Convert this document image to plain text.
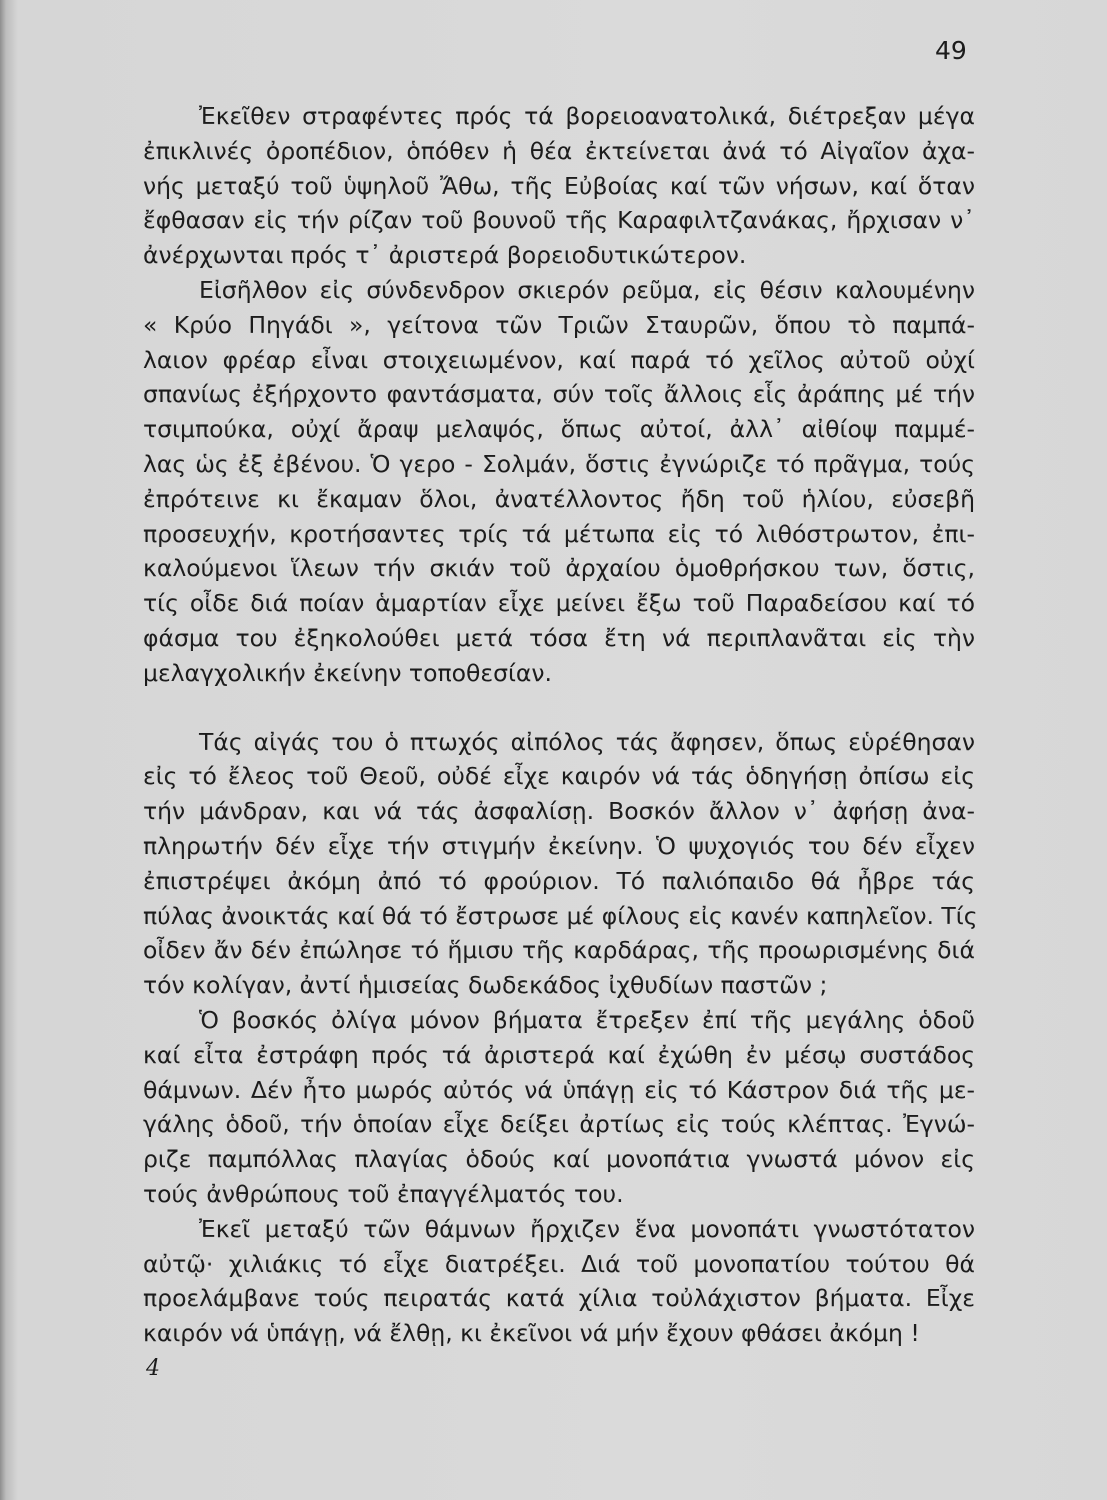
49
Ἐκεῖθεν στραφέντες πρός τά βορειοανατολικά, διέτρεξαν μέγα
ἐπικλινές ὀροπέδιον, ὁπόθεν ἡ θέα ἐκτείνεται ἀνά τό Αἰγαῖον ἀχα-
νής μεταξύ τοῦ ὑψηλοῦ Ἄθω, τῆς Εὐβοίας καί τῶν νήσων, καί ὅταν
ἔφθασαν εἰς τήν ρίζαν τοῦ βουνοῦ τῆς Καραφιλτζανάκας, ἤρχισαν ν᾽
ἀνέρχωνται πρός τ᾽ ἀριστερά βορειοδυτικώτερον.
Εἰσῆλθον εἰς σύνδενδρον σκιερόν ρεῦμα, εἰς θέσιν καλουμένην
« Κρύο Πηγάδι », γείτονα τῶν Τριῶν Σταυρῶν, ὅπου τὸ παμπά-
λαιον φρέαρ εἶναι στοιχειωμένον, καί παρά τό χεῖλος αὐτοῦ οὐχί
σπανίως ἐξήρχοντο φαντάσματα, σύν τοῖς ἄλλοις εἷς ἀράπης μέ τήν
τσιμπούκα, οὐχί ἄραψ μελαψός, ὅπως αὐτοί, ἀλλ᾽ αἰθίοψ παμμέ-
λας ὡς ἐξ ἐβένου. Ὁ γερο - Σολμάν, ὅστις ἐγνώριζε τό πρᾶγμα, τούς
ἐπρότεινε κι ἔκαμαν ὅλοι, ἀνατέλλοντος ἤδη τοῦ ἡλίου, εὐσεβῆ
προσευχήν, κροτήσαντες τρίς τά μέτωπα εἰς τό λιθόστρωτον, ἐπι-
καλούμενοι ἵλεων τήν σκιάν τοῦ ἀρχαίου ὁμοθρήσκου των, ὅστις,
τίς οἶδε διά ποίαν ἁμαρτίαν εἶχε μείνει ἔξω τοῦ Παραδείσου καί τό
φάσμα του ἐξηκολούθει μετά τόσα ἔτη νά περιπλανᾶται εἰς τὴν
μελαγχολικήν ἐκείνην τοποθεσίαν.
Τάς αἰγάς του ὁ πτωχός αἰπόλος τάς ἄφησεν, ὅπως εὑρέθησαν
εἰς τό ἔλεος τοῦ Θεοῦ, οὐδέ εἶχε καιρόν νά τάς ὁδηγήσῃ ὀπίσω εἰς
τήν μάνδραν, και νά τάς ἀσφαλίσῃ. Βοσκόν ἄλλον ν᾽ ἀφήσῃ ἀνα-
πληρωτήν δέν εἶχε τήν στιγμήν ἐκείνην. Ὁ ψυχογιός του δέν εἶχεν
ἐπιστρέψει ἀκόμη ἀπό τό φρούριον. Τό παλιόπαιδο θά ἦβρε τάς
πύλας ἀνοικτάς καί θά τό ἔστρωσε μέ φίλους εἰς κανέν καπηλεῖον. Τίς
οἶδεν ἄν δέν ἐπώλησε τό ἥμισυ τῆς καρδάρας, τῆς προωρισμένης διά
τόν κολίγαν, ἀντί ἡμισείας δωδεκάδος ἰχθυδίων παστῶν ;
Ὁ βοσκός ὀλίγα μόνον βήματα ἔτρεξεν ἐπί τῆς μεγάλης ὁδοῦ
καί εἶτα ἐστράφη πρός τά ἀριστερά καί ἐχώθη ἐν μέσῳ συστάδος
θάμνων. Δέν ἦτο μωρός αὐτός νά ὑπάγῃ εἰς τό Κάστρον διά τῆς με-
γάλης ὁδοῦ, τήν ὁποίαν εἶχε δείξει ἀρτίως εἰς τούς κλέπτας. Ἐγνώ-
ριζε παμπόλλας πλαγίας ὁδούς καί μονοπάτια γνωστά μόνον εἰς
τούς ἀνθρώπους τοῦ ἐπαγγέλματός του.
Ἐκεῖ μεταξύ τῶν θάμνων ἤρχιζεν ἕνα μονοπάτι γνωστότατον
αὐτῷ· χιλιάκις τό εἶχε διατρέξει. Διά τοῦ μονοπατίου τούτου θά
προελάμβανε τούς πειρατάς κατά χίλια τοὐλάχιστον βήματα. Εἶχε
καιρόν νά ὑπάγῃ, νά ἔλθῃ, κι ἐκεῖνοι νά μήν ἔχουν φθάσει ἀκόμη !
4
